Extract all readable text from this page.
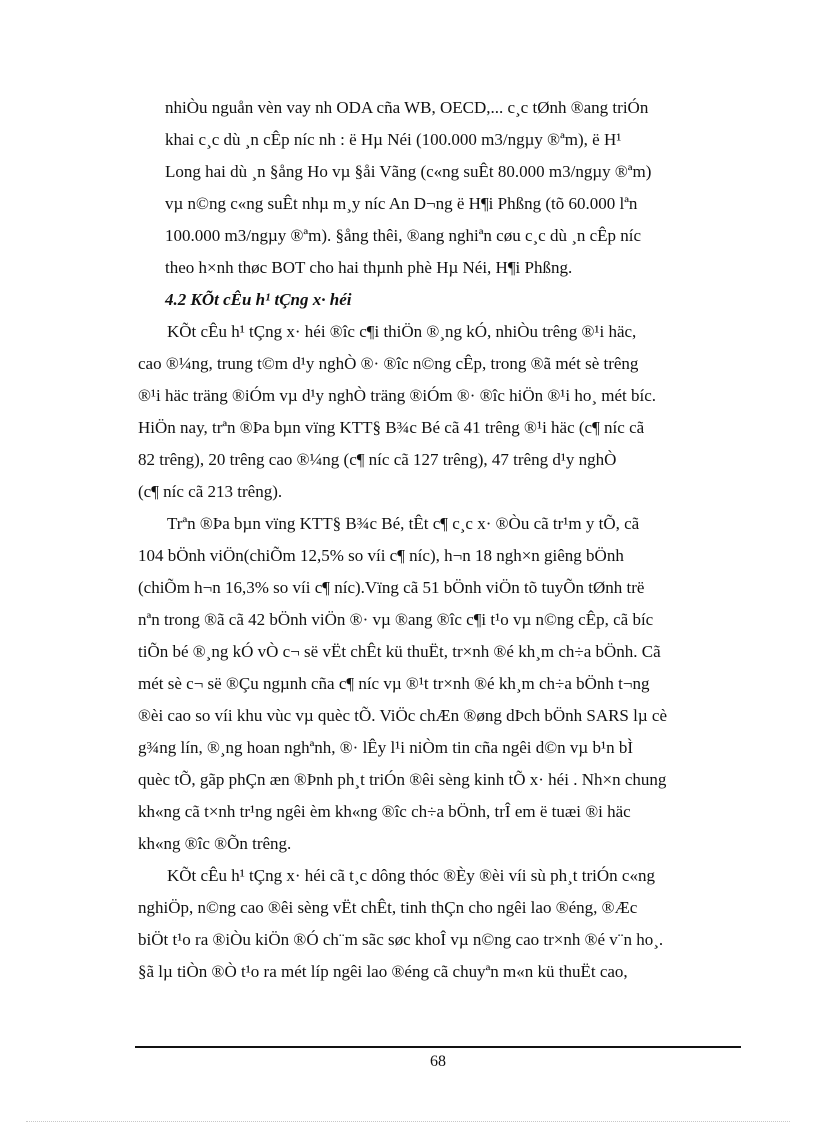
nhiÒu nguån vèn vay nh ODA cña WB, OECD,... c¸c tØnh ®ang triÓn
khai c¸c dù ¸n cÊp níc nh : ë Hµ Néi (100.000 m3/ngµy ®ªm), ë H¹
Long hai dù ¸n §ång Ho vµ §åi Vãng (c«ng suÊt 80.000 m3/ngµy ®ªm)
vµ n©ng c«ng suÊt nhµ m¸y níc An D¬ng ë H¶i Phßng (tõ 60.000 lªn
100.000 m3/ngµy ®ªm). §ång thêi, ®ang nghiªn cøu c¸c dù ¸n cÊp níc
theo h×nh thøc BOT cho hai thµnh phè Hµ Néi, H¶i Phßng.

4.2 KÕt cÊu h¹ tÇng x· héi

KÕt cÊu h¹ tÇng x· héi ®îc c¶i thiÖn ®¸ng kÓ, nhiÒu trêng ®¹i häc,
cao ®¼ng, trung t©m d¹y nghÒ ®· ®îc n©ng cÊp, trong ®ã mét sè trêng
®¹i häc träng ®iÓm vµ d¹y nghÒ träng ®iÓm ®· ®îc hiÖn ®¹i ho¸ mét bíc.
HiÖn nay, trªn ®Þa bµn vïng KTT§ B¾c Bé cã 41 trêng ®¹i häc (c¶ níc cã
82 trêng), 20 trêng cao ®¼ng (c¶ níc cã 127 trêng), 47 trêng d¹y nghÒ
(c¶ níc cã 213 trêng).

Trªn ®Þa bµn vïng KTT§ B¾c Bé, tÊt c¶ c¸c x· ®Òu cã tr¹m y tÕ, cã
104 bÖnh viÖn(chiÕm 12,5% so víi c¶ níc), h¬n 18 ngh×n giêng bÖnh
(chiÕm h¬n 16,3% so víi c¶ níc).Vïng cã 51 bÖnh viÖn tõ tuyÕn tØnh trë
nªn trong ®ã cã 42 bÖnh viÖn ®· vµ ®ang ®îc c¶i t¹o vµ n©ng cÊp, cã bíc
tiÕn bé ®¸ng kÓ vÒ c¬ së vËt chÊt kü thuËt, tr×nh ®é kh¸m ch÷a bÖnh. Cã
mét sè c¬ së ®Çu ngµnh cña c¶ níc vµ ®¹t tr×nh ®é kh¸m ch÷a bÖnh t¬ng
®èi cao so víi khu vùc vµ quèc tÕ. ViÖc chÆn ®øng dÞch bÖnh SARS lµ cè
g¾ng lín, ®¸ng hoan nghªnh, ®· lÊy l¹i niÒm tin cña ngêi d©n vµ b¹n bÌ
quèc tÕ, gãp phÇn æn ®Þnh ph¸t triÓn ®êi sèng kinh tÕ x· héi . Nh×n chung
kh«ng cã t×nh tr¹ng ngêi èm kh«ng ®îc ch÷a bÖnh, trÎ em ë tuæi ®i häc
kh«ng ®îc ®Õn trêng.

KÕt cÊu h¹ tÇng x· héi cã t¸c dông thóc ®Èy ®èi víi sù ph¸t triÓn c«ng
nghiÖp, n©ng cao ®êi sèng vËt chÊt, tinh thÇn cho ngêi lao ®éng, ®Æc
biÖt t¹o ra ®iÒu kiÖn ®Ó ch¨m sãc søc khoÎ vµ n©ng cao tr×nh ®é v¨n ho¸.
§ã lµ tiÒn ®Ò t¹o ra mét líp ngêi lao ®éng cã chuyªn m«n kü thuËt cao,

68
